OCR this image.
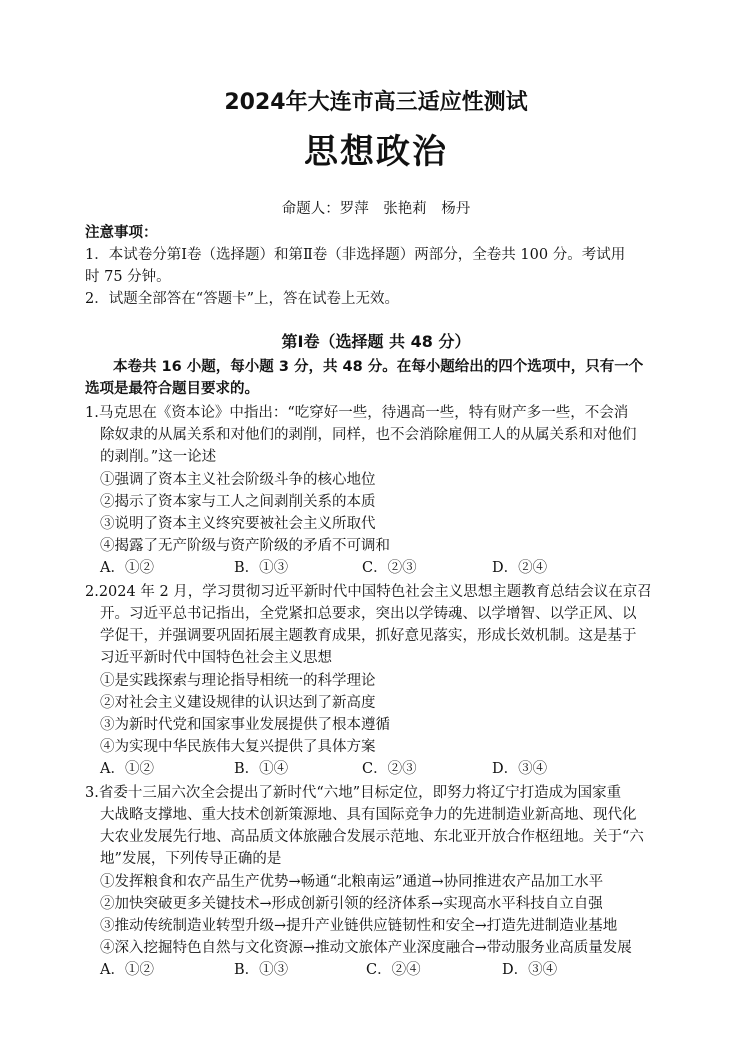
2024年大连市高三适应性测试
思想政治
命题人：罗萍　张艳莉　杨丹
注意事项：
1．本试卷分第Ⅰ卷（选择题）和第Ⅱ卷（非选择题）两部分，全卷共 100 分。考试用
时 75 分钟。
2．试题全部答在“答题卡”上，答在试卷上无效。
第Ⅰ卷（选择题 共 48 分）
本卷共 16 小题，每小题 3 分，共 48 分。在每小题给出的四个选项中，只有一个
选项是最符合题目要求的。
1.马克思在《资本论》中指出：“吃穿好一些，待遇高一些，特有财产多一些，不会消
除奴隶的从属关系和对他们的剥削，同样，也不会消除雇佣工人的从属关系和对他们
的剥削。”这一论述
①强调了资本主义社会阶级斗争的核心地位
②揭示了资本家与工人之间剥削关系的本质
③说明了资本主义终究要被社会主义所取代
④揭露了无产阶级与资产阶级的矛盾不可调和
A．①②	B．①③	C．②③	D．②④
2.2024 年 2 月，学习贯彻习近平新时代中国特色社会主义思想主题教育总结会议在京召
开。习近平总书记指出，全党紧扣总要求，突出以学铸魂、以学增智、以学正风、以
学促干，并强调要巩固拓展主题教育成果，抓好意见落实，形成长效机制。这是基于
习近平新时代中国特色社会主义思想
①是实践探索与理论指导相统一的科学理论
②对社会主义建设规律的认识达到了新高度
③为新时代党和国家事业发展提供了根本遵循
④为实现中华民族伟大复兴提供了具体方案
A．①②	B．①④	C．②③	D．③④
3.省委十三届六次全会提出了新时代“六地”目标定位，即努力将辽宁打造成为国家重
大战略支撑地、重大技术创新策源地、具有国际竞争力的先进制造业新高地、现代化
大农业发展先行地、高品质文体旅融合发展示范地、东北亚开放合作枢纽地。关于“六
地”发展，下列传导正确的是
①发挥粮食和农产品生产优势→畅通“北粮南运”通道→协同推进农产品加工水平
②加快突破更多关键技术→形成创新引领的经济体系→实现高水平科技自立自强
③推动传统制造业转型升级→提升产业链供应链韧性和安全→打造先进制造业基地
④深入挖掘特色自然与文化资源→推动文旅体产业深度融合→带动服务业高质量发展
A．①②	B．①③	C．②④	D．③④
